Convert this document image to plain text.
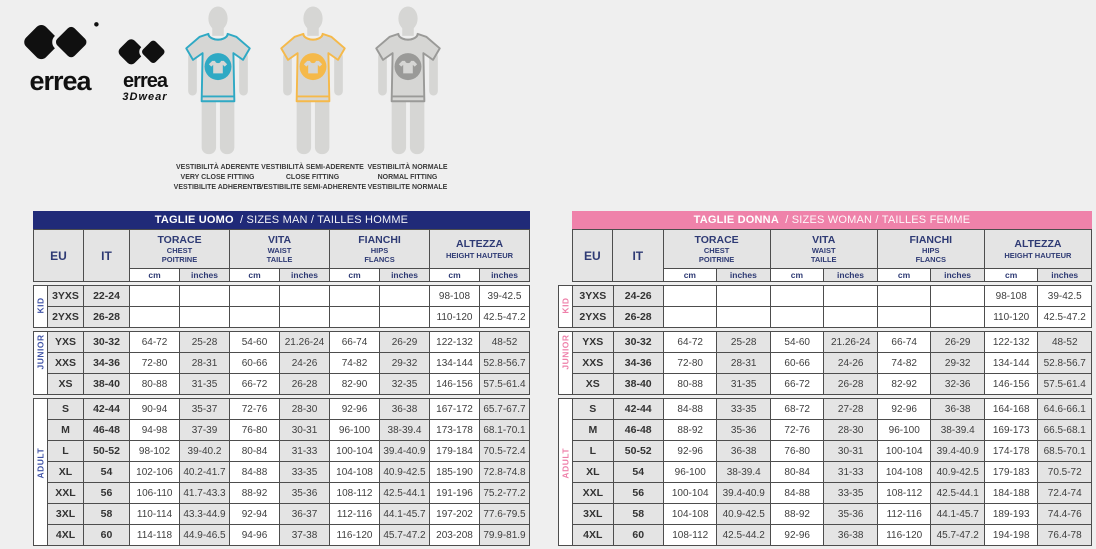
errea	errea
3Dwear
VESTIBILITÀ ADERENTE
VERY CLOSE FITTING
VESTIBILITE ADHERENTE
VESTIBILITÀ SEMI-ADERENTE
CLOSE FITTING
VESTIBILITE SEMI-ADHERENTE
VESTIBILITÀ NORMALE
NORMAL FITTING
VESTIBILITE NORMALE
TAGLIE UOMO / SIZES MAN / TAILLES HOMME
EU	IT	TORACE
CHEST
POITRINE		VITA
WAIST
TAILLE		FIANCHI
HIPS
FLANCS		ALTEZZA
HEIGHT HAUTEUR	

		cm	inches	cm	inches	cm	inches	cm	inches
KID	3YXS	22-24							98-108	39-42.5
	2YXS	26-28							110-120	42.5-47.2
JUNIOR	YXS	30-32	64-72	25-28	54-60	21.26-24	66-74	26-29	122-132	48-52
	XXS	34-36	72-80	28-31	60-66	24-26	74-82	29-32	134-144	52.8-56.7
	XS	38-40	80-88	31-35	66-72	26-28	82-90	32-35	146-156	57.5-61.4
ADULT	S	42-44	90-94	35-37	72-76	28-30	92-96	36-38	167-172	65.7-67.7
	M	46-48	94-98	37-39	76-80	30-31	96-100	38-39.4	173-178	68.1-70.1
	L	50-52	98-102	39-40.2	80-84	31-33	100-104	39.4-40.9	179-184	70.5-72.4
	XL	54	102-106	40.2-41.7	84-88	33-35	104-108	40.9-42.5	185-190	72.8-74.8
	XXL	56	106-110	41.7-43.3	88-92	35-36	108-112	42.5-44.1	191-196	75.2-77.2
	3XL	58	110-114	43.3-44.9	92-94	36-37	112-116	44.1-45.7	197-202	77.6-79.5
	4XL	60	114-118	44.9-46.5	94-96	37-38	116-120	45.7-47.2	203-208	79.9-81.9
TAGLIE DONNA / SIZES WOMAN / TAILLES FEMME
	EU	IT	TORACE
CHEST
POITRINE		VITA
WAIST
TAILLE		FIANCHI
HIPS
FLANCS		ALTEZZA
HEIGHT HAUTEUR	

			cm	inches	cm	inches	cm	inches	cm	inches
KID	3YXS	24-26							98-108	39-42.5
	2YXS	26-28							110-120	42.5-47.2
JUNIOR	YXS	30-32	64-72	25-28	54-60	21.26-24	66-74	26-29	122-132	48-52
	XXS	34-36	72-80	28-31	60-66	24-26	74-82	29-32	134-144	52.8-56.7
	XS	38-40	80-88	31-35	66-72	26-28	82-92	32-36	146-156	57.5-61.4
ADULT	S	42-44	84-88	33-35	68-72	27-28	92-96	36-38	164-168	64.6-66.1
	M	46-48	88-92	35-36	72-76	28-30	96-100	38-39.4	169-173	66.5-68.1
	L	50-52	92-96	36-38	76-80	30-31	100-104	39.4-40.9	174-178	68.5-70.1
	XL	54	96-100	38-39.4	80-84	31-33	104-108	40.9-42.5	179-183	70.5-72
	XXL	56	100-104	39.4-40.9	84-88	33-35	108-112	42.5-44.1	184-188	72.4-74
	3XL	58	104-108	40.9-42.5	88-92	35-36	112-116	44.1-45.7	189-193	74.4-76
	4XL	60	108-112	42.5-44.2	92-96	36-38	116-120	45.7-47.2	194-198	76.4-78
